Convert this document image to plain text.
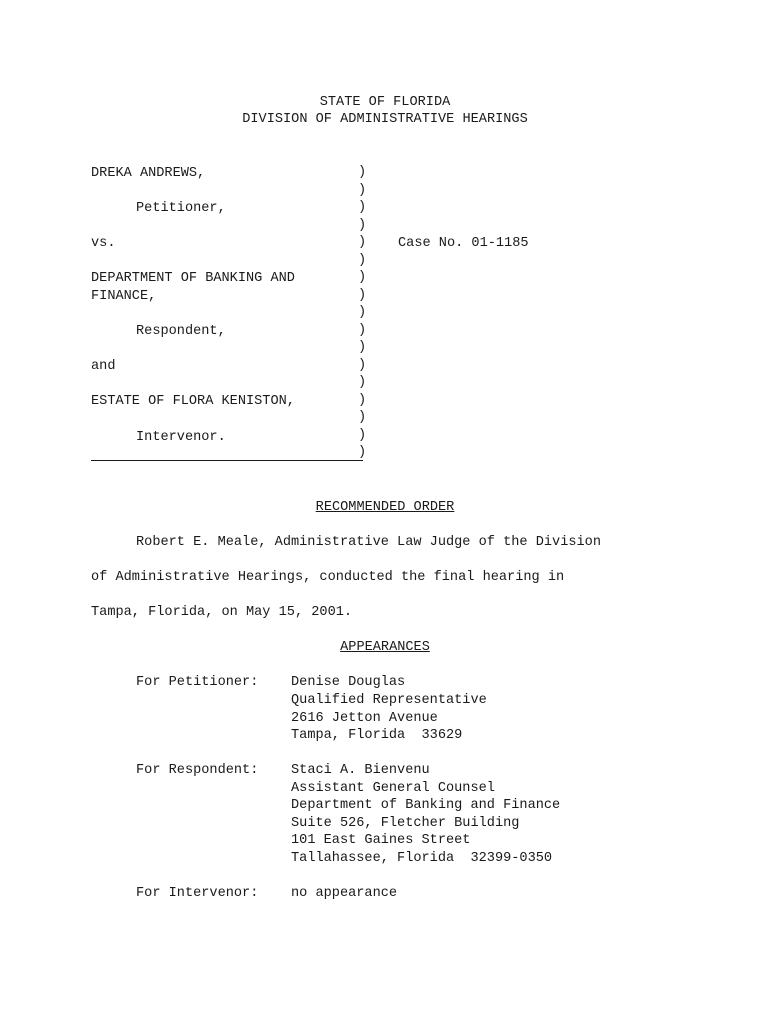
STATE OF FLORIDA
DIVISION OF ADMINISTRATIVE HEARINGS
DREKA ANDREWS,
Petitioner,
vs.
DEPARTMENT OF BANKING AND
FINANCE,
Respondent,
and
ESTATE OF FLORA KENISTON,
Intervenor.
)
)
)
)
)
)
)
)
)
)
)
)
)
)
)
)
)
Case No. 01-1185
RECOMMENDED ORDER
Robert E. Meale, Administrative Law Judge of the Division
of Administrative Hearings, conducted the final hearing in
Tampa, Florida, on May 15, 2001.
APPEARANCES
For Petitioner: Denise Douglas
Qualified Representative
2616 Jetton Avenue
Tampa, Florida  33629
For Respondent: Staci A. Bienvenu
Assistant General Counsel
Department of Banking and Finance
Suite 526, Fletcher Building
101 East Gaines Street
Tallahassee, Florida  32399-0350
For Intervenor: no appearance
